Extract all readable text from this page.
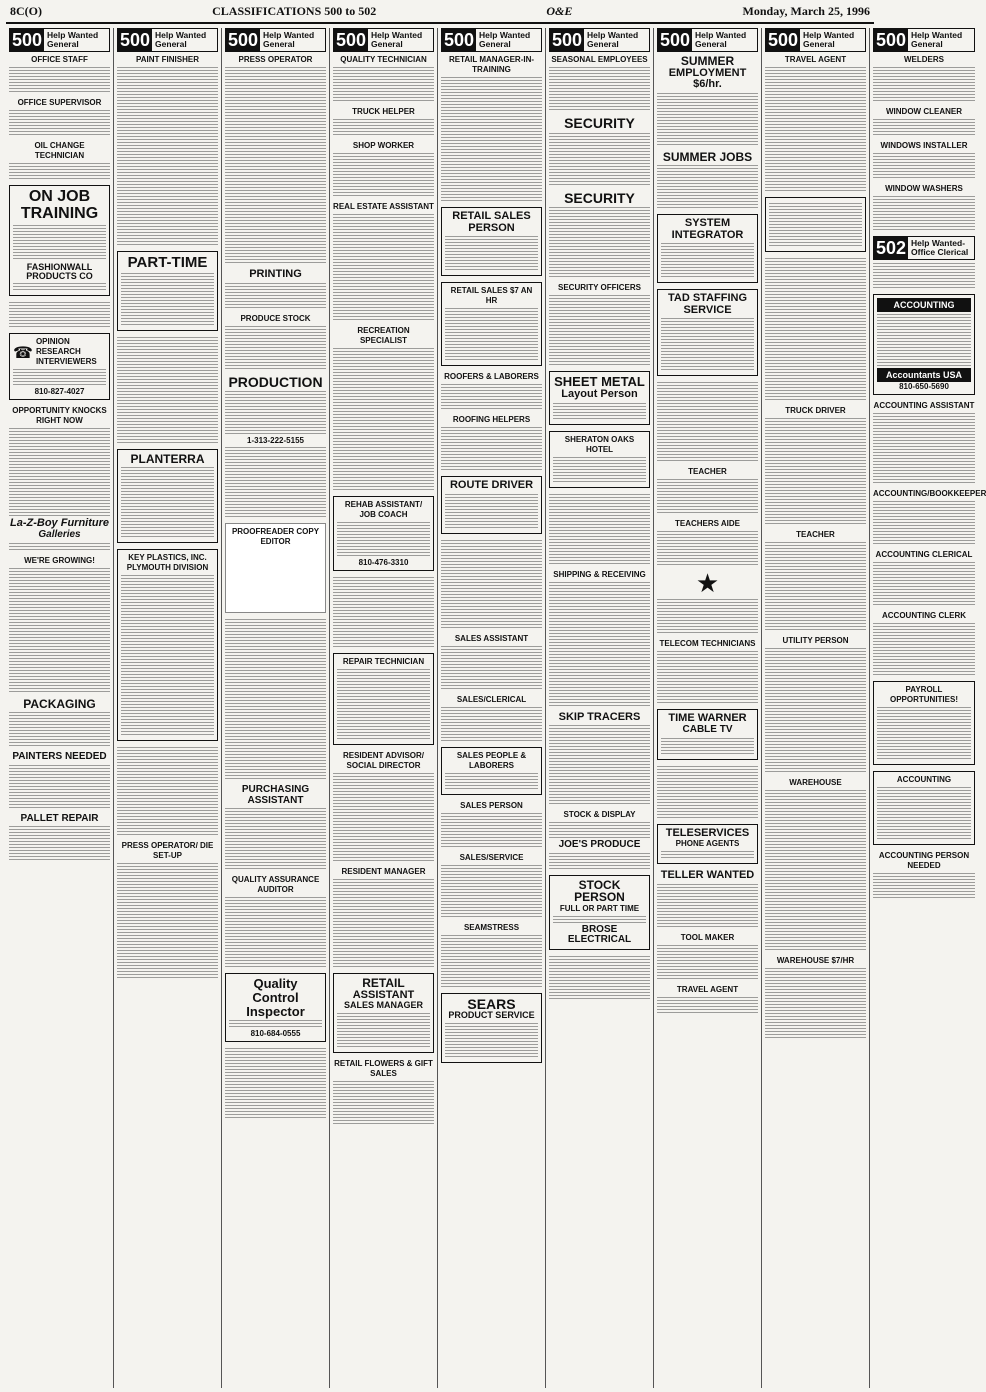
8C(O)	CLASSIFICATIONS 500 to 502	O&E	Monday, March 25, 1996
500 Help Wanted
General
OFFICE STAFF
OFFICE SUPERVISOR
OIL CHANGE TECHNICIAN
ON JOB
TRAINING
FASHIONWALL
PRODUCTS CO
☎
OPINION RESEARCH INTERVIEWERS
810-827-4027
OPPORTUNITY KNOCKS RIGHT NOW
La-Z-Boy Furniture
Galleries
WE'RE GROWING!
PACKAGING
PAINTERS NEEDED
PALLET REPAIR
500 Help Wanted
General
PAINT FINISHER
PART-TIME
PLANTERRA
KEY PLASTICS, INC.
PLYMOUTH DIVISION
PRESS OPERATOR/ DIE SET-UP
500 Help Wanted
General
PRESS OPERATOR
PRINTING
PRODUCE STOCK
PRODUCTION
1-313-222-5155
PROOFREADER COPY EDITOR
PURCHASING ASSISTANT
QUALITY ASSURANCE AUDITOR
Quality
Control
Inspector
810-684-0555
500 Help Wanted
General
QUALITY TECHNICIAN
TRUCK HELPER
SHOP WORKER
REAL ESTATE ASSISTANT
RECREATION SPECIALIST
REHAB ASSISTANT/ JOB COACH
810-476-3310
REPAIR TECHNICIAN
RESIDENT ADVISOR/ SOCIAL DIRECTOR
RESIDENT MANAGER
RETAIL
ASSISTANT
SALES MANAGER
RETAIL FLOWERS & GIFT SALES
500 Help Wanted
General
RETAIL MANAGER-IN-TRAINING
RETAIL SALES PERSON
RETAIL SALES $7 AN HR
ROOFERS & LABORERS
ROOFING HELPERS
ROUTE DRIVER
SALES ASSISTANT
SALES/CLERICAL
SALES PEOPLE & LABORERS
SALES PERSON
SALES/SERVICE
SEAMSTRESS
SEARS
PRODUCT SERVICE
500 Help Wanted
General
SEASONAL EMPLOYEES
SECURITY
SECURITY
SECURITY OFFICERS
SHEET METAL
Layout Person
SHERATON OAKS
HOTEL
SHIPPING & RECEIVING
SKIP TRACERS
STOCK & DISPLAY
JOE'S PRODUCE
STOCK PERSON
FULL OR PART TIME
BROSE ELECTRICAL
500 Help Wanted
General
SUMMER
EMPLOYMENT
$6/hr.
SUMMER JOBS
SYSTEM
INTEGRATOR
TAD STAFFING
SERVICE
TEACHER
TEACHERS AIDE
★
TELECOM TECHNICIANS
TIME WARNER
CABLE TV
TELESERVICES
PHONE AGENTS
TELLER WANTED
TOOL MAKER
TRAVEL AGENT
500 Help Wanted
General
TRAVEL AGENT
TRUCK DRIVER
TEACHER
UTILITY PERSON
WAREHOUSE
WAREHOUSE $7/HR
500 Help Wanted
General
WELDERS
WINDOW CLEANER
WINDOWS INSTALLER
WINDOW WASHERS
502 Help Wanted-
Office Clerical
ACCOUNTING
Accountants USA
810-650-5690
ACCOUNTING ASSISTANT
ACCOUNTING/BOOKKEEPER
ACCOUNTING CLERICAL
ACCOUNTING CLERK
PAYROLL OPPORTUNITIES!
ACCOUNTING
ACCOUNTING PERSON NEEDED
